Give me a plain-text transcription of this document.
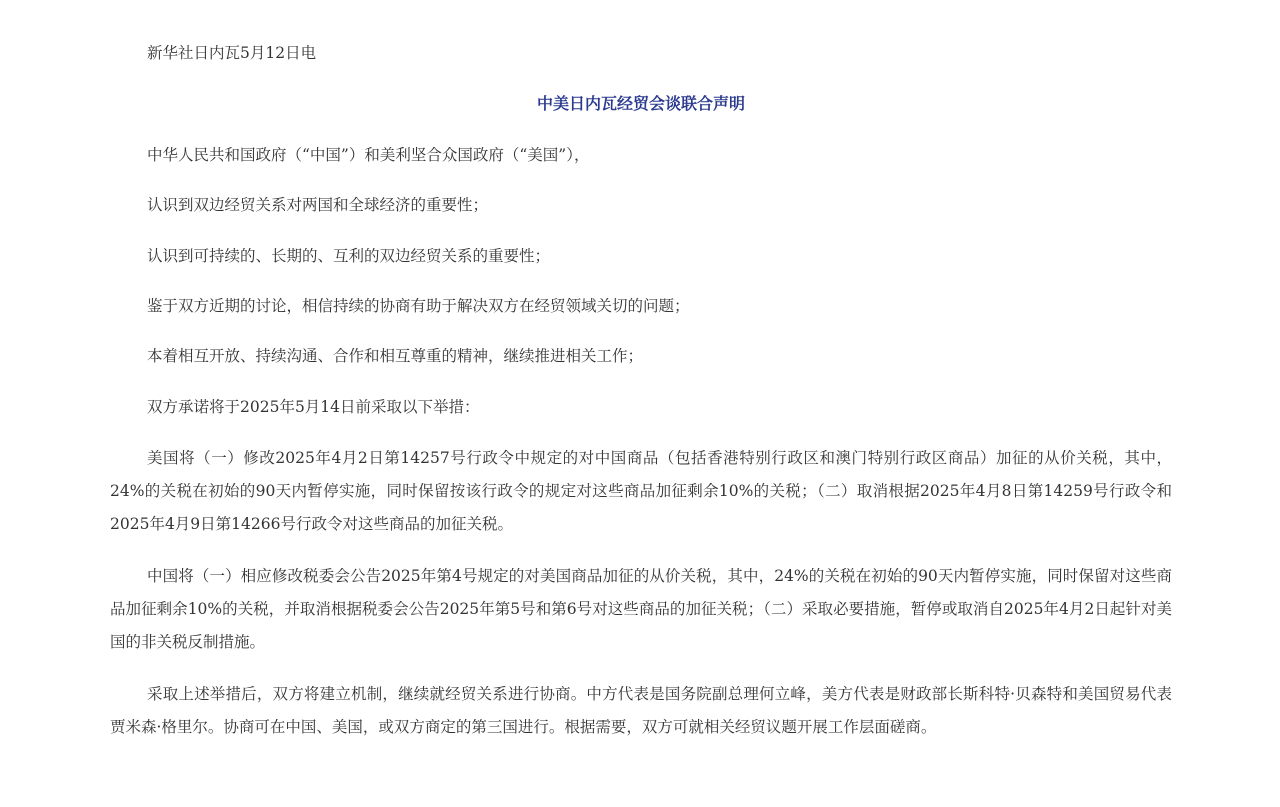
新华社日内瓦5月12日电

中美日内瓦经贸会谈联合声明

中华人民共和国政府（“中国”）和美利坚合众国政府（“美国”），

认识到双边经贸关系对两国和全球经济的重要性；

认识到可持续的、长期的、互利的双边经贸关系的重要性；

鉴于双方近期的讨论，相信持续的协商有助于解决双方在经贸领域关切的问题；

本着相互开放、持续沟通、合作和相互尊重的精神，继续推进相关工作；

双方承诺将于2025年5月14日前采取以下举措：

美国将（一）修改2025年4月2日第14257号行政令中规定的对中国商品（包括香港特别行政区和澳门特别行政区商品）加征的从价关税，其中，24%的关税在初始的90天内暂停实施，同时保留按该行政令的规定对这些商品加征剩余10%的关税；（二）取消根据2025年4月8日第14259号行政令和2025年4月9日第14266号行政令对这些商品的加征关税。

中国将（一）相应修改税委会公告2025年第4号规定的对美国商品加征的从价关税，其中，24%的关税在初始的90天内暂停实施，同时保留对这些商品加征剩余10%的关税，并取消根据税委会公告2025年第5号和第6号对这些商品的加征关税；（二）采取必要措施，暂停或取消自2025年4月2日起针对美国的非关税反制措施。

采取上述举措后，双方将建立机制，继续就经贸关系进行协商。中方代表是国务院副总理何立峰，美方代表是财政部长斯科特·贝森特和美国贸易代表贾米森·格里尔。协商可在中国、美国，或双方商定的第三国进行。根据需要，双方可就相关经贸议题开展工作层面磋商。
